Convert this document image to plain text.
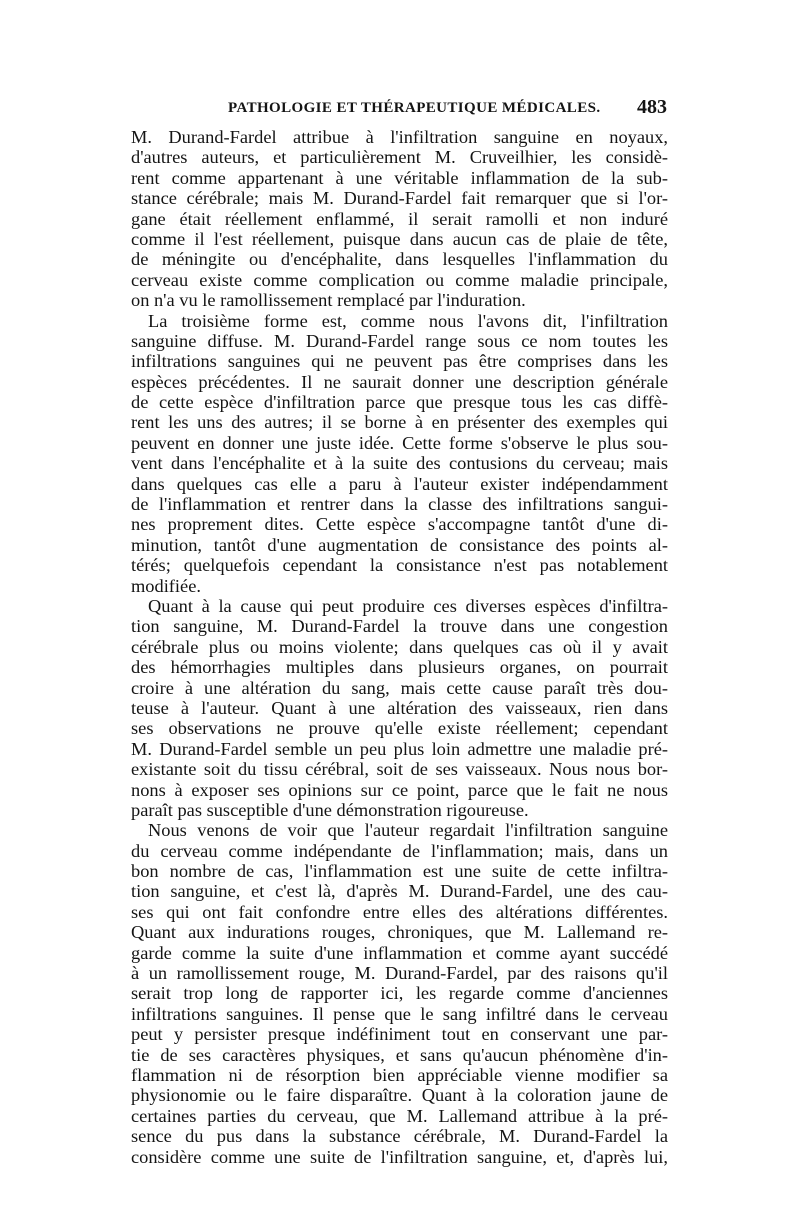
PATHOLOGIE ET THÉRAPEUTIQUE MÉDICALES. 483
M. Durand-Fardel attribue à l'infiltration sanguine en noyaux,
d'autres auteurs, et particulièrement M. Cruveilhier, les considè-
rent comme appartenant à une véritable inflammation de la sub-
stance cérébrale; mais M. Durand-Fardel fait remarquer que si l'or-
gane était réellement enflammé, il serait ramolli et non induré
comme il l'est réellement, puisque dans aucun cas de plaie de tête,
de méningite ou d'encéphalite, dans lesquelles l'inflammation du
cerveau existe comme complication ou comme maladie principale,
on n'a vu le ramollissement remplacé par l'induration.
La troisième forme est, comme nous l'avons dit, l'infiltration
sanguine diffuse. M. Durand-Fardel range sous ce nom toutes les
infiltrations sanguines qui ne peuvent pas être comprises dans les
espèces précédentes. Il ne saurait donner une description générale
de cette espèce d'infiltration parce que presque tous les cas diffè-
rent les uns des autres; il se borne à en présenter des exemples qui
peuvent en donner une juste idée. Cette forme s'observe le plus sou-
vent dans l'encéphalite et à la suite des contusions du cerveau; mais
dans quelques cas elle a paru à l'auteur exister indépendamment
de l'inflammation et rentrer dans la classe des infiltrations sangui-
nes proprement dites. Cette espèce s'accompagne tantôt d'une di-
minution, tantôt d'une augmentation de consistance des points al-
térés; quelquefois cependant la consistance n'est pas notablement
modifiée.
Quant à la cause qui peut produire ces diverses espèces d'infiltra-
tion sanguine, M. Durand-Fardel la trouve dans une congestion
cérébrale plus ou moins violente; dans quelques cas où il y avait
des hémorrhagies multiples dans plusieurs organes, on pourrait
croire à une altération du sang, mais cette cause paraît très dou-
teuse à l'auteur. Quant à une altération des vaisseaux, rien dans
ses observations ne prouve qu'elle existe réellement; cependant
M. Durand-Fardel semble un peu plus loin admettre une maladie pré-
existante soit du tissu cérébral, soit de ses vaisseaux. Nous nous bor-
nons à exposer ses opinions sur ce point, parce que le fait ne nous
paraît pas susceptible d'une démonstration rigoureuse.
Nous venons de voir que l'auteur regardait l'infiltration sanguine
du cerveau comme indépendante de l'inflammation; mais, dans un
bon nombre de cas, l'inflammation est une suite de cette infiltra-
tion sanguine, et c'est là, d'après M. Durand-Fardel, une des cau-
ses qui ont fait confondre entre elles des altérations différentes.
Quant aux indurations rouges, chroniques, que M. Lallemand re-
garde comme la suite d'une inflammation et comme ayant succédé
à un ramollissement rouge, M. Durand-Fardel, par des raisons qu'il
serait trop long de rapporter ici, les regarde comme d'anciennes
infiltrations sanguines. Il pense que le sang infiltré dans le cerveau
peut y persister presque indéfiniment tout en conservant une par-
tie de ses caractères physiques, et sans qu'aucun phénomène d'in-
flammation ni de résorption bien appréciable vienne modifier sa
physionomie ou le faire disparaître. Quant à la coloration jaune de
certaines parties du cerveau, que M. Lallemand attribue à la pré-
sence du pus dans la substance cérébrale, M. Durand-Fardel la
considère comme une suite de l'infiltration sanguine, et, d'après lui,
